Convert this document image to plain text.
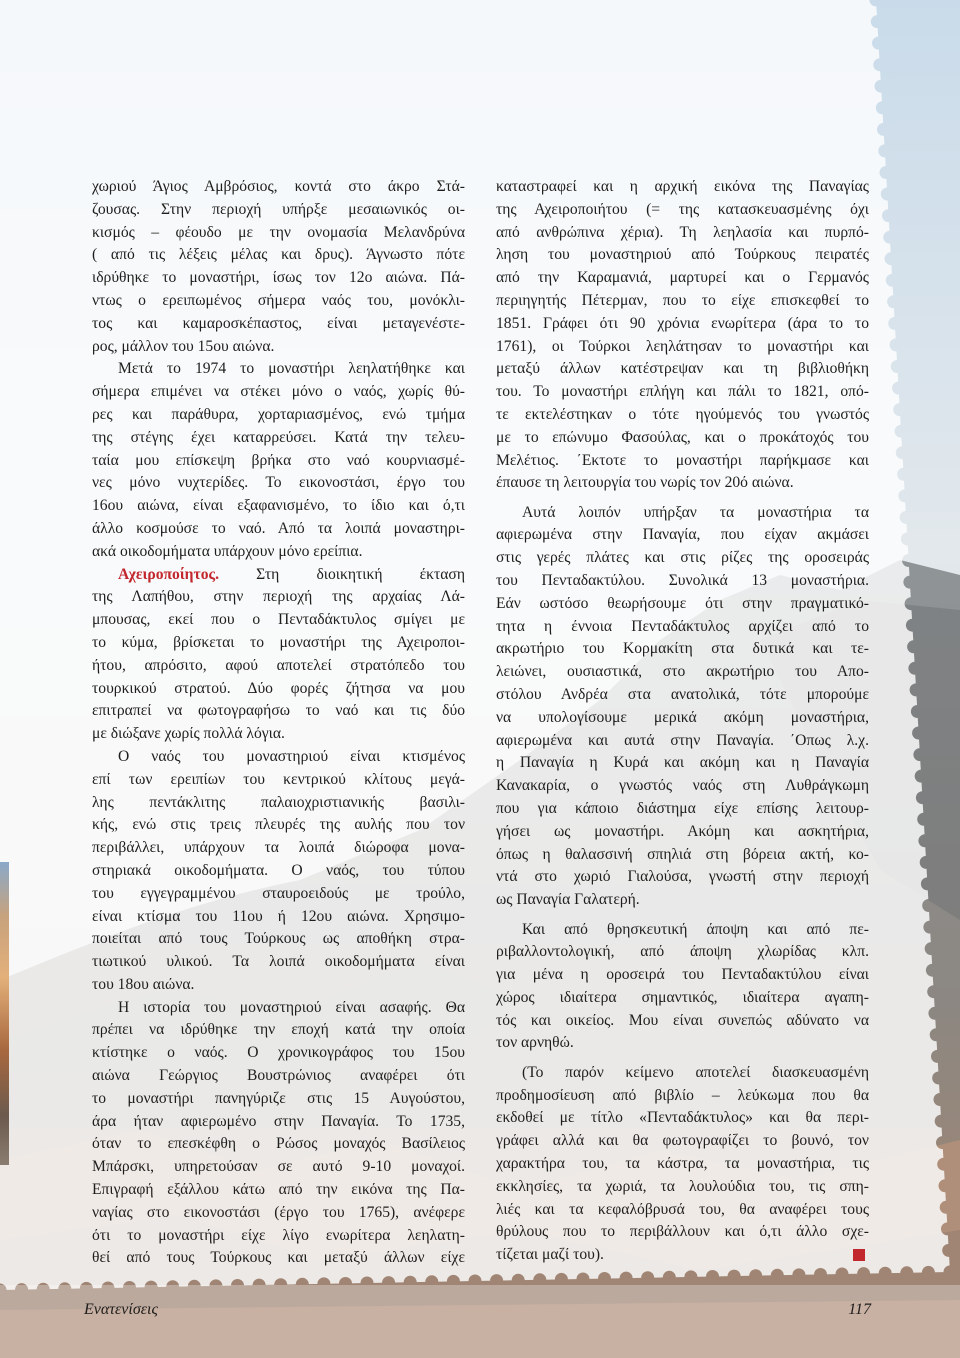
χωριού Άγιος Αμβρόσιος, κοντά στο άκρο Στά-
ζουσας. Στην περιοχή υπήρξε μεσαιωνικός οι-
κισμός – φέουδο με την ονομασία Μελανδρύνα
( από τις λέξεις μέλας και δρυς). Άγνωστο πότε
ιδρύθηκε το μοναστήρι, ίσως τον 12ο αιώνα. Πά-
ντως ο ερειπωμένος σήμερα ναός του, μονόκλι-
τος και καμαροσκέπαστος, είναι μεταγενέστε-
ρος, μάλλον του 15ου αιώνα.
Μετά το 1974 το μοναστήρι λεηλατήθηκε και
σήμερα επιμένει να στέκει μόνο ο ναός, χωρίς θύ-
ρες και παράθυρα, χορταριασμένος, ενώ τμήμα
της στέγης έχει καταρρεύσει. Κατά την τελευ-
ταία μου επίσκεψη βρήκα στο ναό κουρνιασμέ-
νες μόνο νυχτερίδες. Το εικονοστάσι, έργο του
16ου αιώνα, είναι εξαφανισμένο, το ίδιο και ό,τι
άλλο κοσμούσε το ναό. Από τα λοιπά μοναστηρι-
ακά οικοδομήματα υπάρχουν μόνο ερείπια.
Αχειροποίητος. Στη διοικητική έκταση
της Λαπήθου, στην περιοχή της αρχαίας Λά-
μπουσας, εκεί που ο Πενταδάκτυλος σμίγει με
το κύμα, βρίσκεται το μοναστήρι της Αχειροποι-
ήτου, απρόσιτο, αφού αποτελεί στρατόπεδο του
τουρκικού στρατού. Δύο φορές ζήτησα να μου
επιτραπεί να φωτογραφήσω το ναό και τις δύο
με διώξανε χωρίς πολλά λόγια.
Ο ναός του μοναστηριού είναι κτισμένος
επί των ερειπίων του κεντρικού κλίτους μεγά-
λης πεντάκλιτης παλαιοχριστιανικής βασιλι-
κής, ενώ στις τρεις πλευρές της αυλής που τον
περιβάλλει, υπάρχουν τα λοιπά διώροφα μονα-
στηριακά οικοδομήματα. Ο ναός, του τύπου
του εγγεγραμμένου σταυροειδούς με τρούλο,
είναι κτίσμα του 11ου ή 12ου αιώνα. Χρησιμο-
ποιείται από τους Τούρκους ως αποθήκη στρα-
τιωτικού υλικού. Τα λοιπά οικοδομήματα είναι
του 18ου αιώνα.
Η ιστορία του μοναστηριού είναι ασαφής. Θα
πρέπει να ιδρύθηκε την εποχή κατά την οποία
κτίστηκε ο ναός. Ο χρονικογράφος του 15ου
αιώνα Γεώργιος Βουστρώνιος αναφέρει ότι
το μοναστήρι πανηγύριζε στις 15 Αυγούστου,
άρα ήταν αφιερωμένο στην Παναγία. Το 1735,
όταν το επεσκέφθη ο Ρώσος μοναχός Βασίλειος
Μπάρσκι, υπηρετούσαν σε αυτό 9-10 μοναχοί.
Επιγραφή εξάλλου κάτω από την εικόνα της Πα-
ναγίας στο εικονοστάσι (έργο του 1765), ανέφερε
ότι το μοναστήρι είχε λίγο ενωρίτερα λεηλατη-
θεί από τους Τούρκους και μεταξύ άλλων είχε
καταστραφεί και η αρχική εικόνα της Παναγίας
της Αχειροποιήτου (= της κατασκευασμένης όχι
από ανθρώπινα χέρια). Τη λεηλασία και πυρπό-
ληση του μοναστηριού από Τούρκους πειρατές
από την Καραμανιά, μαρτυρεί και ο Γερμανός
περιηγητής Πέτερμαν, που το είχε επισκεφθεί το
1851. Γράφει ότι 90 χρόνια ενωρίτερα (άρα το το
1761), οι Τούρκοι λεηλάτησαν το μοναστήρι και
μεταξύ άλλων κατέστρεψαν και τη βιβλιοθήκη
του. Το μοναστήρι επλήγη και πάλι το 1821, οπό-
τε εκτελέστηκαν ο τότε ηγούμενός του γνωστός
με το επώνυμο Φασούλας, και ο προκάτοχός του
Μελέτιος. ΄Εκτοτε το μοναστήρι παρήκμασε και
έπαυσε τη λειτουργία του νωρίς τον 20ό αιώνα.
Αυτά λοιπόν υπήρξαν τα μοναστήρια τα
αφιερωμένα στην Παναγία, που είχαν ακμάσει
στις γερές πλάτες και στις ρίζες της οροσειράς
του Πενταδακτύλου. Συνολικά 13 μοναστήρια.
Εάν ωστόσο θεωρήσουμε ότι στην πραγματικό-
τητα η έννοια Πενταδάκτυλος αρχίζει από το
ακρωτήριο του Κορμακίτη στα δυτικά και τε-
λειώνει, ουσιαστικά, στο ακρωτήριο του Απο-
στόλου Ανδρέα στα ανατολικά, τότε μπορούμε
να υπολογίσουμε μερικά ακόμη μοναστήρια,
αφιερωμένα και αυτά στην Παναγία. ΄Οπως λ.χ.
η Παναγία η Κυρά και ακόμη και η Παναγία
Κανακαρία, ο γνωστός ναός στη Λυθράγκωμη
που για κάποιο διάστημα είχε επίσης λειτουρ-
γήσει ως μοναστήρι. Ακόμη και ασκητήρια,
όπως η θαλασσινή σπηλιά στη βόρεια ακτή, κο-
ντά στο χωριό Γιαλούσα, γνωστή στην περιοχή
ως Παναγία Γαλατερή.
Και από θρησκευτική άποψη και από πε-
ριβαλλοντολογική, από άποψη χλωρίδας κλπ.
για μένα η οροσειρά του Πενταδακτύλου είναι
χώρος ιδιαίτερα σημαντικός, ιδιαίτερα αγαπη-
τός και οικείος. Μου είναι συνεπώς αδύνατο να
τον αρνηθώ.
(Το παρόν κείμενο αποτελεί διασκευασμένη
προδημοσίευση από βιβλίο – λεύκωμα που θα
εκδοθεί με τίτλο «Πενταδάκτυλος» και θα περι-
γράφει αλλά και θα φωτογραφίζει το βουνό, τον
χαρακτήρα του, τα κάστρα, τα μοναστήρια, τις
εκκλησίες, τα χωριά, τα λουλούδια του, τις σπη-
λιές και τα κεφαλόβρυσά του, θα αναφέρει τους
θρύλους που το περιβάλλουν και ό,τι άλλο σχε-
τίζεται μαζί του).
Ενατενίσεις	117
